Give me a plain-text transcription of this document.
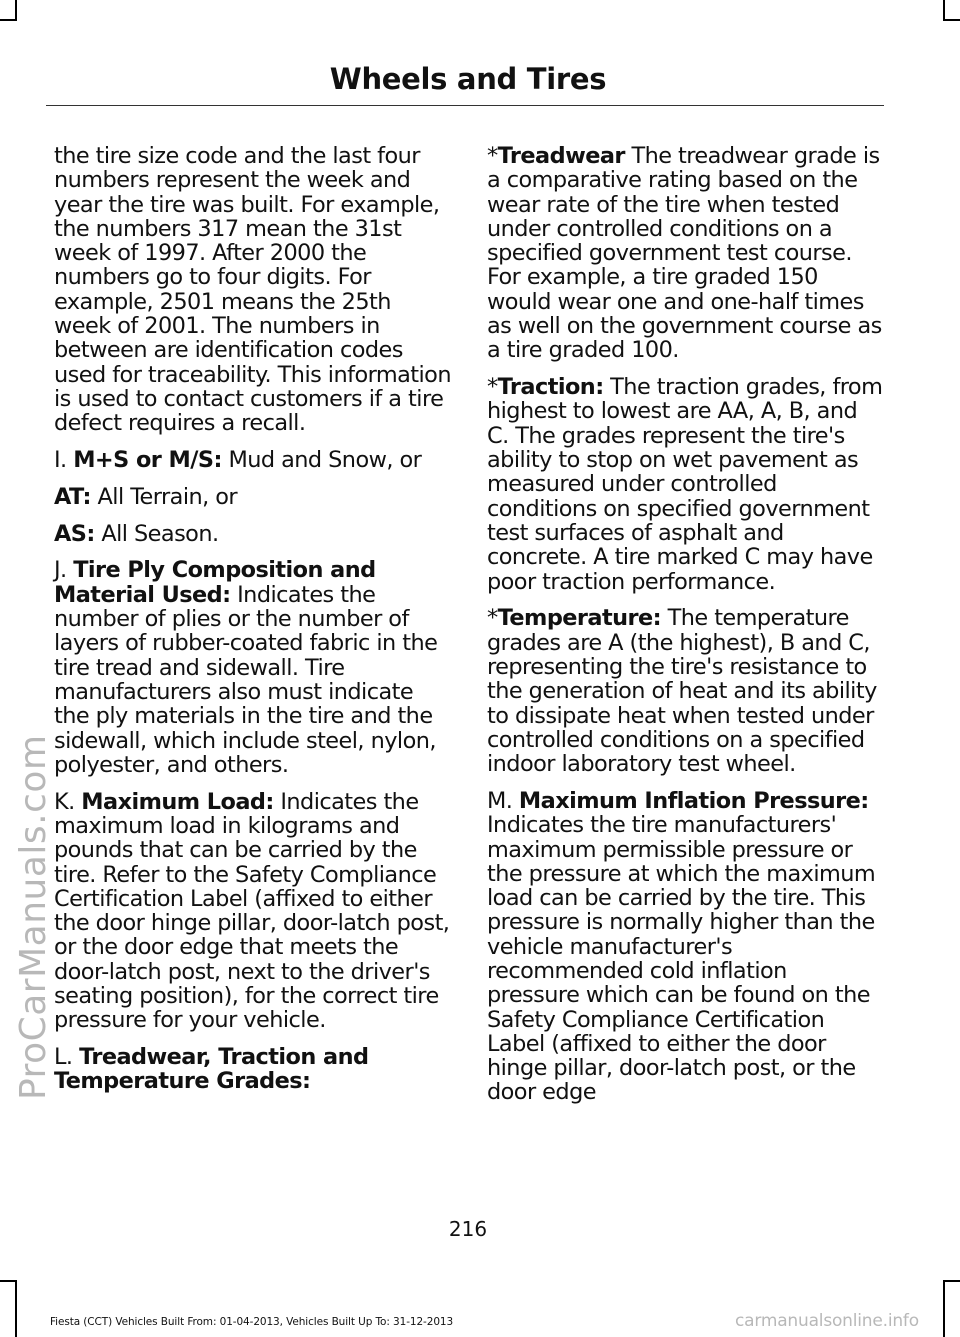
Wheels and Tires

the tire size code and the last four numbers represent the week and year the tire was built. For example, the numbers 317 mean the 31st week of 1997. After 2000 the numbers go to four digits. For example, 2501 means the 25th week of 2001. The numbers in between are identification codes used for traceability. This information is used to contact customers if a tire defect requires a recall.

I. M+S or M/S: Mud and Snow, or

AT: All Terrain, or

AS: All Season.

J. Tire Ply Composition and Material Used: Indicates the number of plies or the number of layers of rubber-coated fabric in the tire tread and sidewall. Tire manufacturers also must indicate the ply materials in the tire and the sidewall, which include steel, nylon, polyester, and others.

K. Maximum Load: Indicates the maximum load in kilograms and pounds that can be carried by the tire. Refer to the Safety Compliance Certification Label (affixed to either the door hinge pillar, door-latch post, or the door edge that meets the door-latch post, next to the driver's seating position), for the correct tire pressure for your vehicle.

L. Treadwear, Traction and Temperature Grades:

*Treadwear The treadwear grade is a comparative rating based on the wear rate of the tire when tested under controlled conditions on a specified government test course. For example, a tire graded 150 would wear one and one-half times as well on the government course as a tire graded 100.

*Traction: The traction grades, from highest to lowest are AA, A, B, and C. The grades represent the tire's ability to stop on wet pavement as measured under controlled conditions on specified government test surfaces of asphalt and concrete. A tire marked C may have poor traction performance.

*Temperature: The temperature grades are A (the highest), B and C, representing the tire's resistance to the generation of heat and its ability to dissipate heat when tested under controlled conditions on a specified indoor laboratory test wheel.

M. Maximum Inflation Pressure: Indicates the tire manufacturers' maximum permissible pressure or the pressure at which the maximum load can be carried by the tire. This pressure is normally higher than the vehicle manufacturer's recommended cold inflation pressure which can be found on the Safety Compliance Certification Label (affixed to either the door hinge pillar, door-latch post, or the door edge

216
Fiesta (CCT) Vehicles Built From: 01-04-2013, Vehicles Built Up To: 31-12-2013
ProCarManuals.com
carmanualsonline.info
